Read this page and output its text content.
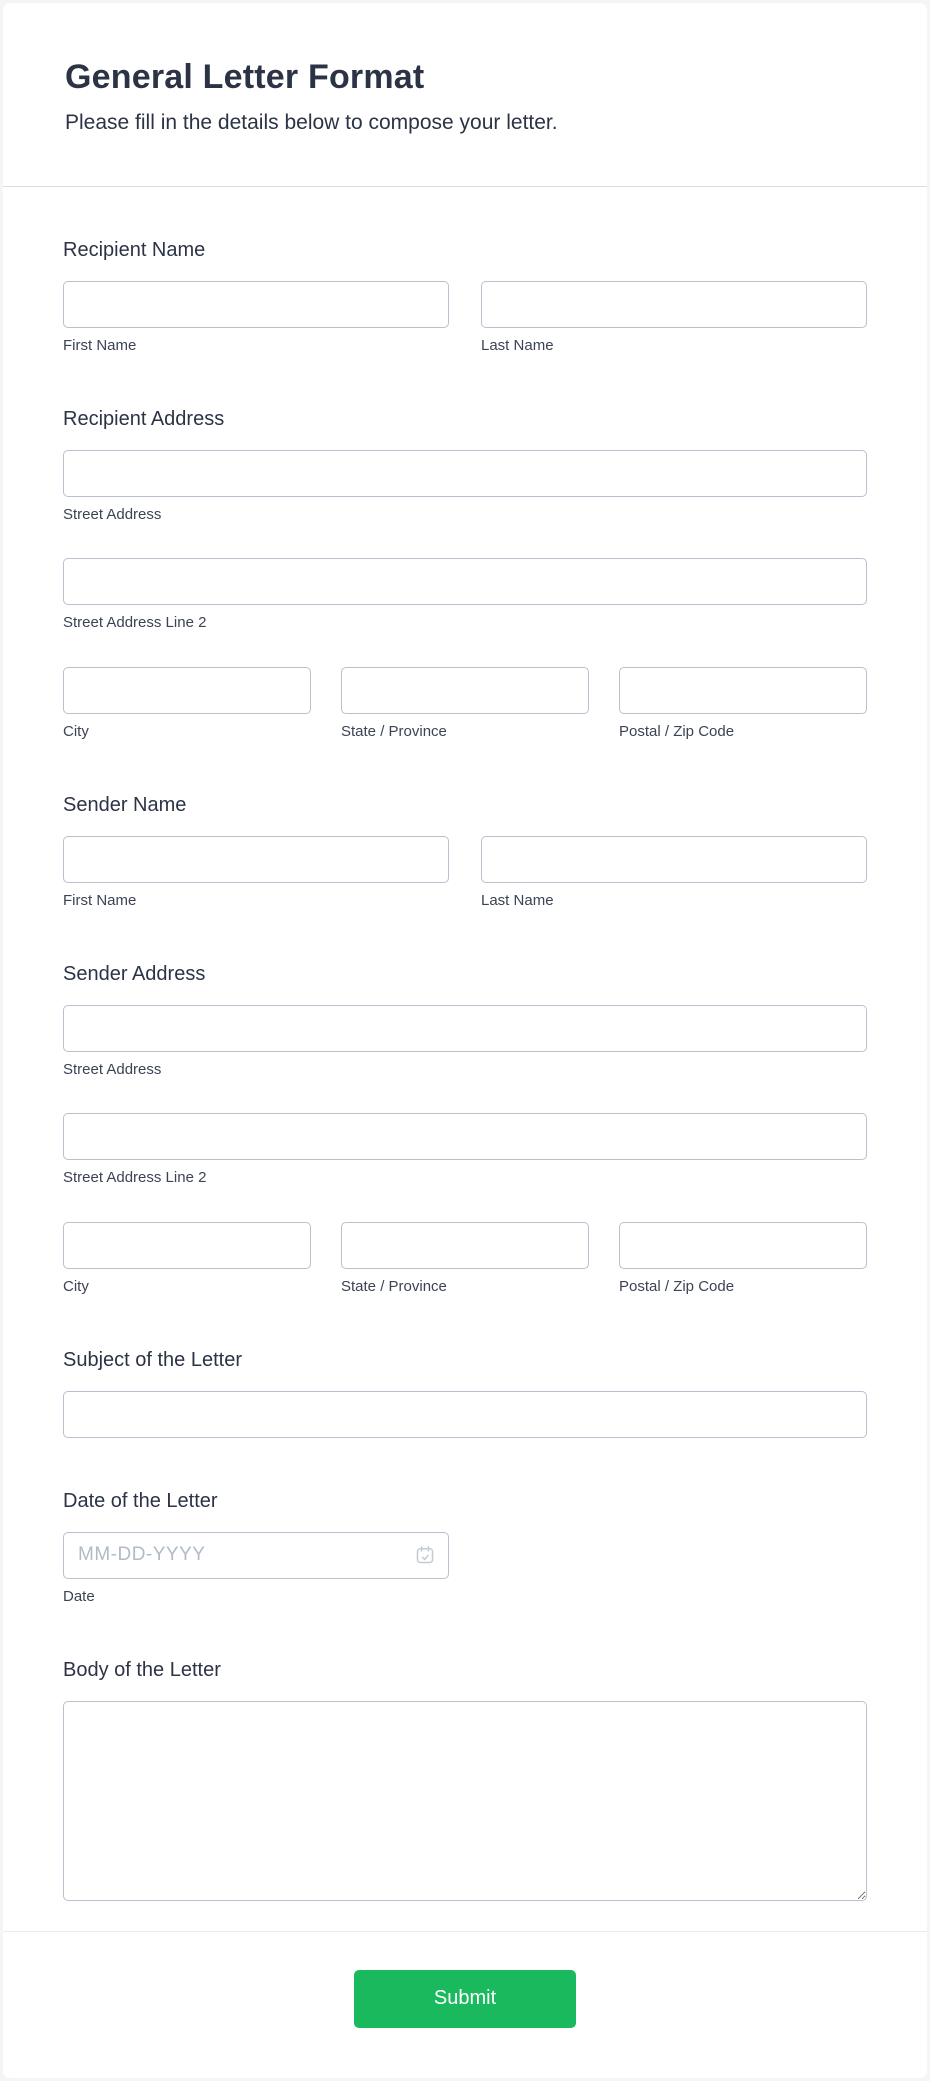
General Letter Format

Please fill in the details below to compose your letter.

Recipient Name
First Name	Last Name
Recipient Address
Street Address
Street Address Line 2
City	State / Province	Postal / Zip Code
Sender Name
First Name	Last Name
Sender Address
Street Address
Street Address Line 2
City	State / Province	Postal / Zip Code
Subject of the Letter
Date of the Letter
MM-DD-YYYY
Date
Body of the Letter
Submit
